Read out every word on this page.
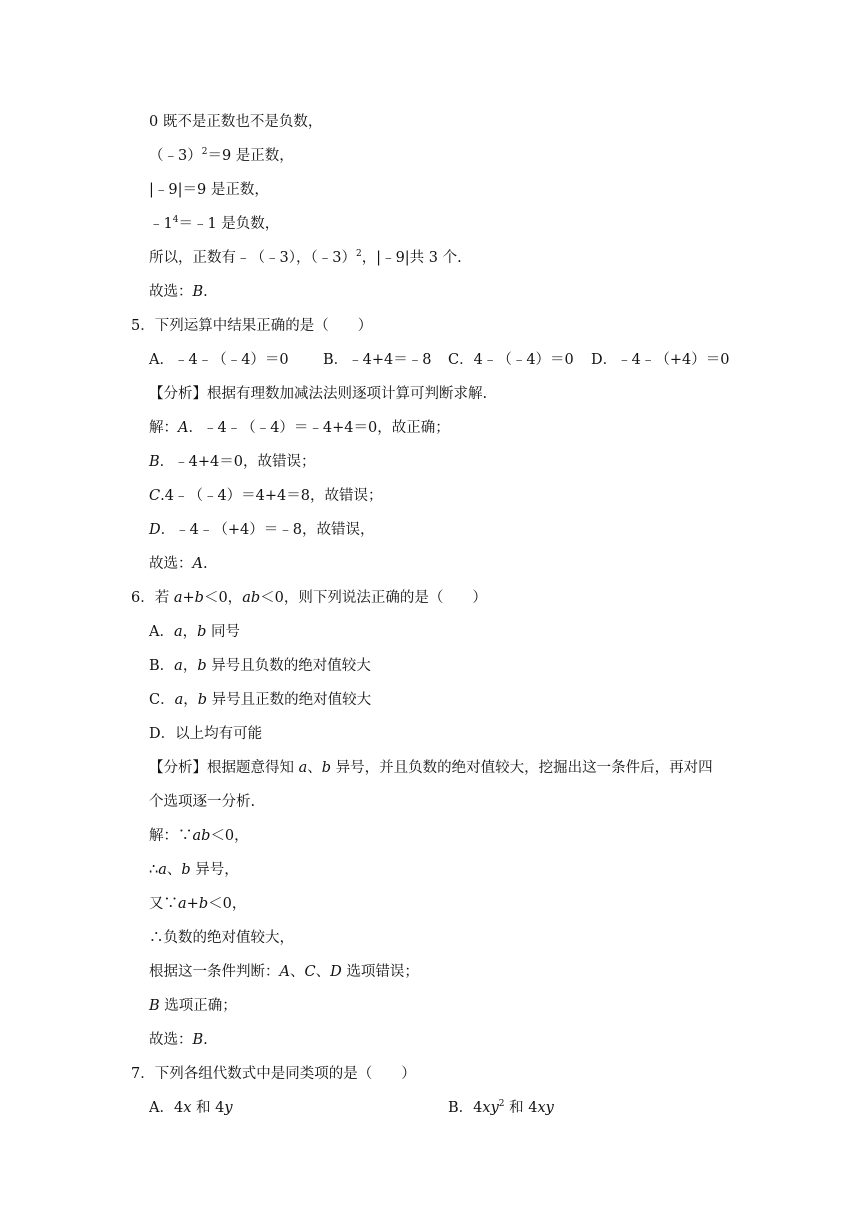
0 既不是正数也不是负数，
（﹣3）$^2$＝9 是正数，
|﹣9|＝9 是正数，
$﹣1^4=﹣1$ 是负数，
所以，正数有﹣（﹣3），（﹣3）$^2$，|﹣9|共 3 个.
故选：B.
5．下列运算中结果正确的是（　　）
A．﹣4﹣（﹣4）＝0 B．﹣4+4＝﹣8 C．4﹣（﹣4）＝0 D．﹣4﹣（+4）＝0
【分析】根据有理数加减法法则逐项计算可判断求解.
解：A．﹣4﹣（﹣4）＝﹣4+4＝0，故正确；
B．﹣4+4＝0，故错误；
C.4﹣（﹣4）＝4+4＝8，故错误；
D．﹣4﹣（+4）＝﹣8，故错误，
故选：A.
6．若 a+b＜0，ab＜0，则下列说法正确的是（　　）
A．a，b 同号
B．a，b 异号且负数的绝对值较大
C．a，b 异号且正数的绝对值较大
D．以上均有可能
【分析】根据题意得知 a、b 异号，并且负数的绝对值较大，挖掘出这一条件后，再对四
个选项逐一分析.
解：∵ab＜0，
∴a、b 异号，
又∵a+b＜0，
∴负数的绝对值较大，
根据这一条件判断：A、C、D 选项错误；
B 选项正确；
故选：B.
7．下列各组代数式中是同类项的是（　　）
A．4x 和 4y	B．$4xy^2$ 和 4xy
